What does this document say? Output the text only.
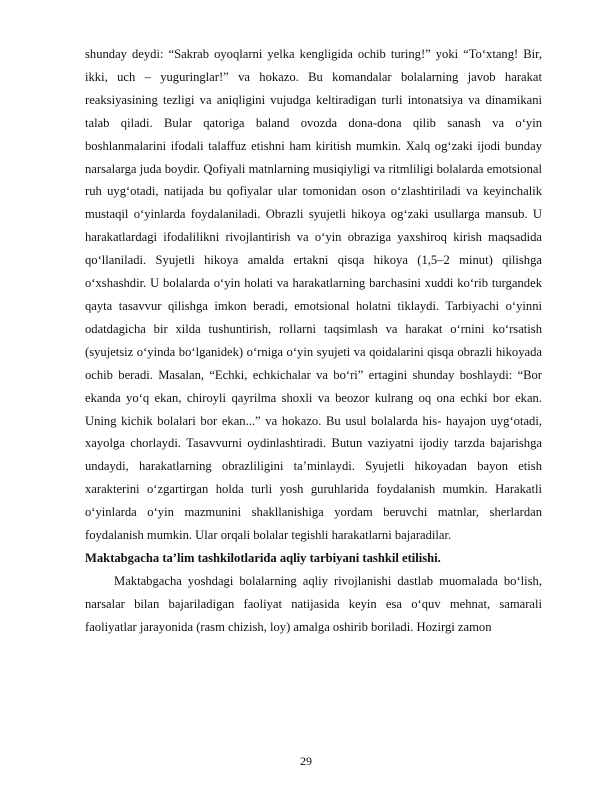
shunday deydi: “Sakrab oyoqlarni yelka kengligida ochib turing!” yoki “To‘xtang! Bir, ikki, uch – yuguringlar!” va hokazo. Bu komandalar bolalarning javob harakat reaksiyasining tezligi va aniqligini vujudga keltiradigan turli intonatsiya va dinamikani talab qiladi. Bular qatoriga baland ovozda dona-dona qilib sanash va o‘yin boshlanmalarini ifodali talaffuz etishni ham kiritish mumkin. Xalq og‘zaki ijodi bunday narsalarga juda boydir. Qofiyali matnlarning musiqiyligi va ritmliligi bolalarda emotsional ruh uyg‘otadi, natijada bu qofiyalar ular tomonidan oson o‘zlashtiriladi va keyinchalik mustaqil o‘yinlarda foydalaniladi. Obrazli syujetli hikoya og‘zaki usullarga mansub. U harakatlardagi ifodalilikni rivojlantirish va o‘yin obraziga yaxshiroq kirish maqsadida qo‘llaniladi. Syujetli hikoya amalda ertakni qisqa hikoya (1,5–2 minut) qilishga o‘xshashdir. U bolalarda o‘yin holati va harakatlarning barchasini xuddi ko‘rib turgandek qayta tasavvur qilishga imkon beradi, emotsional holatni tiklaydi. Tarbiyachi o‘yinni odatdagicha bir xilda tushuntirish, rollarni taqsimlash va harakat o‘rnini ko‘rsatish (syujetsiz o‘yinda bo‘lganidek) o‘rniga o‘yin syujeti va qoidalarini qisqa obrazli hikoyada ochib beradi. Masalan, “Echki, echkichalar va bo‘ri” ertagini shunday boshlaydi: “Bor ekanda yo‘q ekan, chiroyli qayrilma shoxli va beozor kulrang oq ona echki bor ekan. Uning kichik bolalari bor ekan...” va hokazo. Bu usul bolalarda his- hayajon uyg‘otadi, xayolga chorlaydi. Tasavvurni oydinlashtiradi. Butun vaziyatni ijodiy tarzda bajarishga undaydi, harakatlarning obrazliligini ta’minlaydi. Syujetli hikoyadan bayon etish xarakterini o‘zgartirgan holda turli yosh guruhlarida foydalanish mumkin. Harakatli o‘yinlarda o‘yin mazmunini shakllanishiga yordam beruvchi matnlar, sherlardan foydalanish mumkin. Ular orqali bolalar tegishli harakatlarni bajaradilar.

Maktabgacha ta’lim tashkilotlarida aqliy tarbiyani tashkil etilishi.

Maktabgacha yoshdagi bolalarning aqliy rivojlanishi dastlab muomalada bo‘lish, narsalar bilan bajariladigan faoliyat natijasida keyin esa o‘quv mehnat, samarali faoliyatlar jarayonida (rasm chizish, loy) amalga oshirib boriladi. Hozirgi zamon

29
